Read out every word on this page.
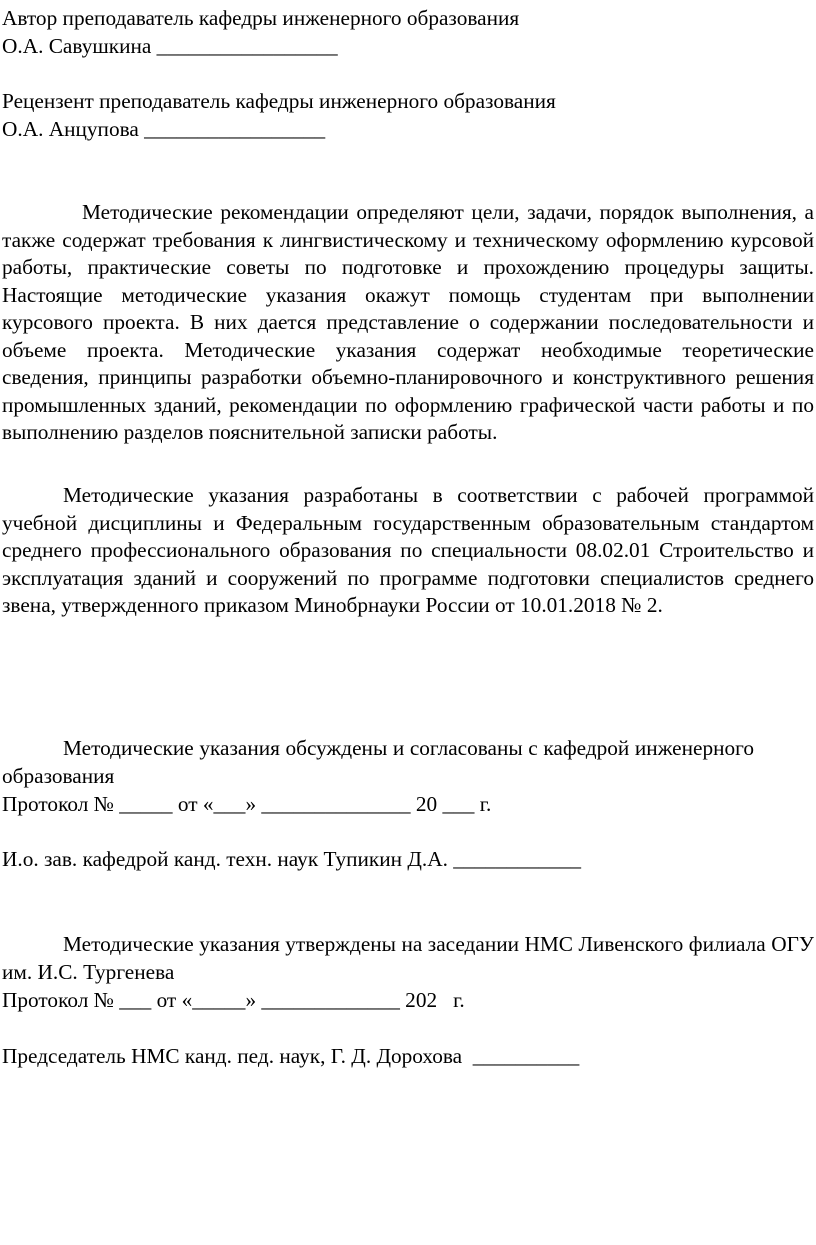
Автор преподаватель кафедры инженерного образования
О.А. Савушкина _________________
Рецензент преподаватель кафедры инженерного образования
О.А. Анцупова _________________
Методические рекомендации определяют цели, задачи, порядок выполнения, а также содержат требования к лингвистическому и техническому оформлению курсовой работы, практические советы по подготовке и прохождению процедуры защиты. Настоящие методические указания окажут помощь студентам при выполнении курсового проекта. В них дается представление о содержании последовательности и объеме проекта. Методические указания содержат необходимые теоретические сведения, принципы разработки объемно-планировочного и конструктивного решения промышленных зданий, рекомендации по оформлению графической части работы и по выполнению разделов пояснительной записки работы.
Методические указания разработаны в соответствии с рабочей программой учебной дисциплины и Федеральным государственным образовательным стандартом среднего профессионального образования по специальности 08.02.01 Строительство и эксплуатация зданий и сооружений по программе подготовки специалистов среднего звена, утвержденного приказом Минобрнауки России от 10.01.2018 № 2.
Методические указания обсуждены и согласованы с кафедрой инженерного образования
Протокол № _____ от «___» ______________ 20 ___ г.
И.о. зав. кафедрой канд. техн. наук Тупикин Д.А. ____________
Методические указания утверждены на заседании НМС Ливенского филиала ОГУ им. И.С. Тургенева
Протокол № ___ от «_____» _____________ 202   г.
Председатель НМС канд. пед. наук, Г. Д. Дорохова  __________
